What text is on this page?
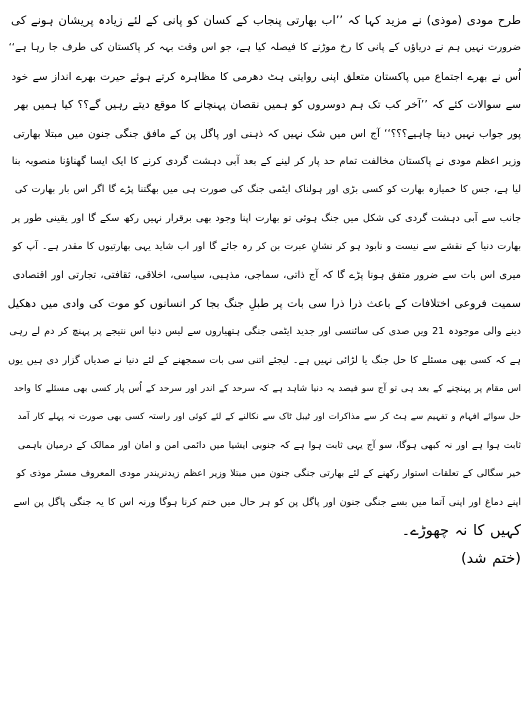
طرح مودی (موذی) نے مزید کہا کہ ’’اب بھارتی پنجاب کے کسان کو پانی کے لئے زیادہ پریشان ہونے کی
ضرورت نہیں ہم نے دریاؤں کے پانی کا رخ موڑنے کا فیصلہ کیا ہے، جو اس وقت بہہ کر پاکستان کی طرف جا رہا ہے‘‘
اُس نے بھرے اجتماع میں پاکستان متعلق اپنی روایتی ہٹ دھرمی کا مظاہرہ کرتے ہوئے حیرت بھرے انداز سے خود
سے سوالات کئے کہ ’’آخر کب تک ہم دوسروں کو ہمیں نقصان پہنچانے کا موقع دیتے رہیں گے؟؟ کیا ہمیں بھر
پور جواب نہیں دینا چاہیے؟؟؟‘‘ آج اس میں شک نہیں کہ ذہنی اور پاگل پن کے مافق جنگی جنون میں مبتلا بھارتی
وزیر اعظم مودی نے پاکستان مخالفت تمام حد پار کر لینے کے بعد آبی دہشت گردی کرنے کا ایک ایسا گھناؤنا منصوبہ بنا
لیا ہے، جس کا خمیازہ بھارت کو کسی بڑی اور ہولناک ایٹمی جنگ کی صورت ہی میں بھگتنا پڑے گا اگر اس بار بھارت کی
جانب سے آبی دہشت گردی کی شکل میں جنگ ہوئی تو بھارت اپنا وجود بھی برقرار نہیں رکھ سکے گا اور یقینی طور پر
بھارت دنیا کے نقشے سے نیست و نابود ہو کر نشانِ عبرت بن کر رہ جائے گا اور اب شاید یہی بھارتیوں کا مقدر ہے۔ آپ کو
میری اس بات سے ضرور متفق ہونا پڑے گا کہ آج ذاتی، سماجی، مذہبی، سیاسی، اخلاقی، ثقافتی، تجارتی اور اقتصادی
سمیت فروعی اختلافات کے باعث ذرا ذرا سی بات پر طبلِ جنگ بجا کر انسانوں کو موت کی وادی میں دھکیل
دینے والی موجودہ 21 ویں صدی کی سائنسی اور جدید ایٹمی جنگی ہتھیاروں سے لیس دنیا اس نتیجے پر پہنچ کر دم لے رہی
ہے کہ کسی بھی مسئلے کا حل جنگ یا لڑائی نہیں ہے۔ لیجئے اتنی سی بات سمجھنے کے لئے دنیا نے صدیاں گزار دی ہیں یوں
اس مقام پر پہنچنے کے بعد ہی تو آج سو فیصد یہ دنیا شاہد ہے کہ سرحد کے اندر اور سرحد کے اُس پار کسی بھی مسئلے کا واحد
حل سوائے افہام و تفہیم سے ہٹ کر سے مذاکرات اور ٹیبل ٹاک سے نکالنے کے لئے کوئی اور راستہ کسی بھی صورت نہ پہلے کار آمد
ثابت ہوا ہے اور نہ کبھی ہوگا، سو آج یہی ثابت ہوا ہے کہ جنوبی ایشیا میں دائمی امن و امان اور ممالک کے درمیان باہمی
خیر سگالی کے تعلقات استوار رکھنے کے لئے بھارتی جنگی جنون میں مبتلا وزیر اعظم زیدنریندر مودی المعروف مسٹر موذی کو
اپنے دماغ اور اپنی آتما میں بسے جنگی جنون اور پاگل پن کو ہر حال میں ختم کرنا ہوگا ورنہ اس کا یہ جنگی پاگل پن اسے
کہیں کا نہ چھوڑے۔
(ختم شد)
